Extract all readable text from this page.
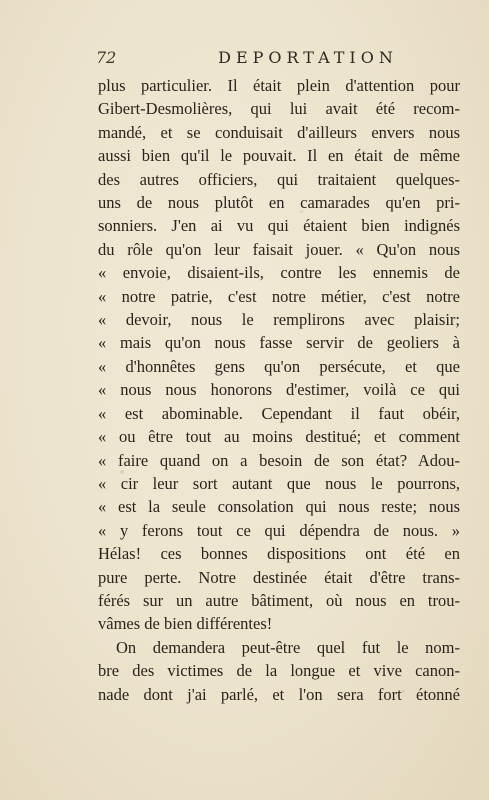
72	DEPORTATION
plus particulier. Il était plein d'attention pour
Gibert-Desmolières, qui lui avait été recom-
mandé, et se conduisait d'ailleurs envers nous
aussi bien qu'il le pouvait. Il en était de même
des autres officiers, qui traitaient quelques-
uns de nous plutôt en camarades qu'en pri-
sonniers. J'en ai vu qui étaient bien indignés
du rôle qu'on leur faisait jouer. « Qu'on nous
« envoie, disaient-ils, contre les ennemis de
« notre patrie, c'est notre métier, c'est notre
« devoir, nous le remplirons avec plaisir;
« mais qu'on nous fasse servir de geoliers à
« d'honnêtes gens qu'on persécute, et que
« nous nous honorons d'estimer, voilà ce qui
« est abominable. Cependant il faut obéir,
« ou être tout au moins destitué; et comment
« faire quand on a besoin de son état? Adou-
« cir leur sort autant que nous le pourrons,
« est la seule consolation qui nous reste; nous
« y ferons tout ce qui dépendra de nous. »
Hélas! ces bonnes dispositions ont été en
pure perte. Notre destinée était d'être trans-
férés sur un autre bâtiment, où nous en trou-
vâmes de bien différentes!
On demandera peut-être quel fut le nom-
bre des victimes de la longue et vive canon-
nade dont j'ai parlé, et l'on sera fort étonné
